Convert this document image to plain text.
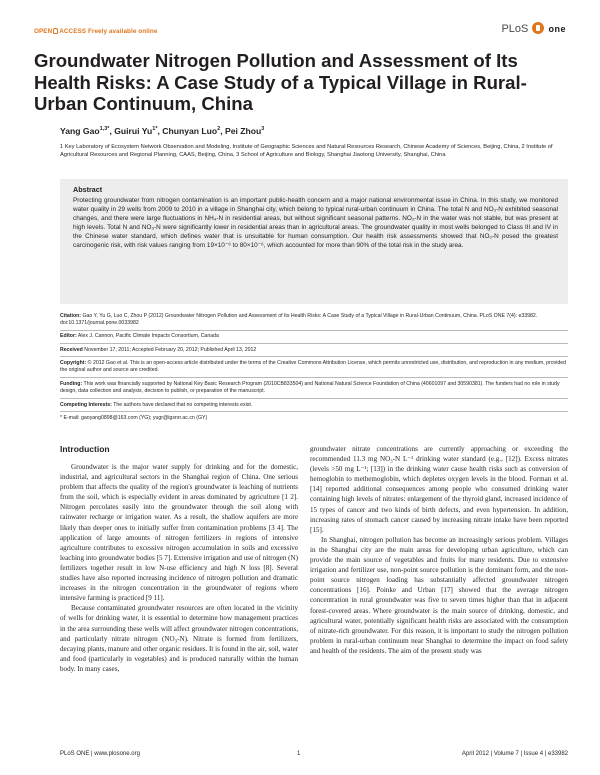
OPEN ACCESS Freely available online	PLoS one
Groundwater Nitrogen Pollution and Assessment of Its Health Risks: A Case Study of a Typical Village in Rural-Urban Continuum, China
Yang Gao$^{1,3*}$, Guirui $Yu^{1*}$, Chunyan Luo$^2$, Pei Zhou$^3$

1 Key Laboratory of Ecosystem Network Observation and Modeling, Institute of Geographic Sciences and Natural Resources Research, Chinese Academy of Sciences, Beijing, China, 2 Institute of Agricultural Resources and Regional Planning, CAAS, Beijing, China, 3 School of Agriculture and Biology, Shanghai Jiaotong University, Shanghai, China

Abstract

Protecting groundwater from nitrogen contamination is an important public-health concern and a major national environmental issue in China. In this study, we monitored water quality in 29 wells from 2009 to 2010 in a village in Shanghai city, which belong to typical rural-urban continuum in China. The total N and NO₃-N exhibited seasonal changes, and there were large fluctuations in NH₄-N in residential areas, but without significant seasonal patterns. NO₂-N in the water was not stable, but was present at high levels. Total N and NO₃-N were significantly lower in residential areas than in agricultural areas. The groundwater quality in most wells belonged to Class III and IV in the Chinese water standard, which defines water that is unsuitable for human consumption. Our health risk assessments showed that NO₃-N posed the greatest carcinogenic risk, with risk values ranging from 19×10⁻⁶ to 80×10⁻⁶, which accounted for more than 90% of the total risk in the study area.

Citation: Gao Y, Yu G, Luo C, Zhou P (2012) Groundwater Nitrogen Pollution and Assessment of Its Health Risks: A Case Study of a Typical Village in Rural-Urban Continuum, China. PLoS ONE 7(4): e33982. doi:10.1371/journal.pone.0033982

Editor: Alex J. Cannon, Pacific Climate Impacts Consortium, Canada

Received November 17, 2011; Accepted February 20, 2012; Published April 13, 2012

Copyright: © 2012 Gao et al. This is an open-access article distributed under the terms of the Creative Commons Attribution License, which permits unrestricted use, distribution, and reproduction in any medium, provided the original author and source are credited.

Funding: This work was financially supported by National Key Basic Research Program (2010CB833504) and National Natural Science Foundation of China (40601097 and 30590381). The funders had no role in study design, data collection and analysis, decision to publish, or preparation of the manuscript.

Competing Interests: The authors have declared that no competing interests exist.

* E-mail: gaoyang0898@163.com (YG); yugr@igsnrr.ac.cn (GY)

Introduction

Groundwater is the major water supply for drinking and for the domestic, industrial, and agricultural sectors in the Shanghai region of China. One serious problem that affects the quality of the region's groundwater is leaching of nutrients from the soil, which is especially evident in areas dominated by agriculture [1 2]. Nitrogen percolates easily into the groundwater through the soil along with rainwater recharge or irrigation water. As a result, the shallow aquifers are more likely than deeper ones to initially suffer from contamination problems [3 4]. The application of large amounts of nitrogen fertilizers in regions of intensive agriculture contributes to excessive nitrogen accumulation in soils and excessive leaching into groundwater bodies [5 7]. Extensive irrigation and use of nitrogen (N) fertilizers together result in low N-use efficiency and high N loss [8]. Several studies have also reported increasing incidence of nitrogen pollution and dramatic increases in the nitrogen concentration in the groundwater of regions where intensive farming is practiced [9 11].

Because contaminated groundwater resources are often located in the vicinity of wells for drinking water, it is essential to determine how management practices in the area surrounding these wells will affect groundwater nitrogen concentrations, and particularly nitrate nitrogen (NO₃-N). Nitrate is formed from fertilizers, decaying plants, manure and other organic residues. It is found in the air, soil, water and food (particularly in vegetables) and is produced naturally within the human body. In many cases,

groundwater nitrate concentrations are currently approaching or exceeding the recommended 11.3 mg NO₃-N L⁻¹ drinking water standard (e.g., [12]). Excess nitrates (levels >50 mg L⁻¹; [13]) in the drinking water cause health risks such as conversion of hemoglobin to methemoglobin, which depletes oxygen levels in the blood. Forman et al. [14] reported additional consequences among people who consumed drinking water containing high levels of nitrates: enlargement of the thyroid gland, increased incidence of 15 types of cancer and two kinds of birth defects, and even hypertension. In addition, increasing rates of stomach cancer caused by increasing nitrate intake have been reported [15].

In Shanghai, nitrogen pollution has become an increasingly serious problem. Villages in the Shanghai city are the main areas for developing urban agriculture, which can provide the main source of vegetables and fruits for many residents. Due to extensive irrigation and fertilizer use, non-point source pollution is the dominant form, and the non-point source nitrogen loading has substantially affected groundwater nitrogen concentrations [16]. Poinke and Urban [17] showed that the average nitrogen concentration in rural groundwater was five to seven times higher than that in adjacent forest-covered areas. Where groundwater is the main source of drinking, domestic, and agricultural water, potentially significant health risks are associated with the consumption of nitrate-rich groundwater. For this reason, it is important to study the nitrogen pollution problem in rural-urban continuum near Shanghai to determine the impact on food safety and health of the residents. The aim of the present study was

PLoS ONE | www.plosone.org	1	April 2012 | Volume 7 | Issue 4 | e33982
